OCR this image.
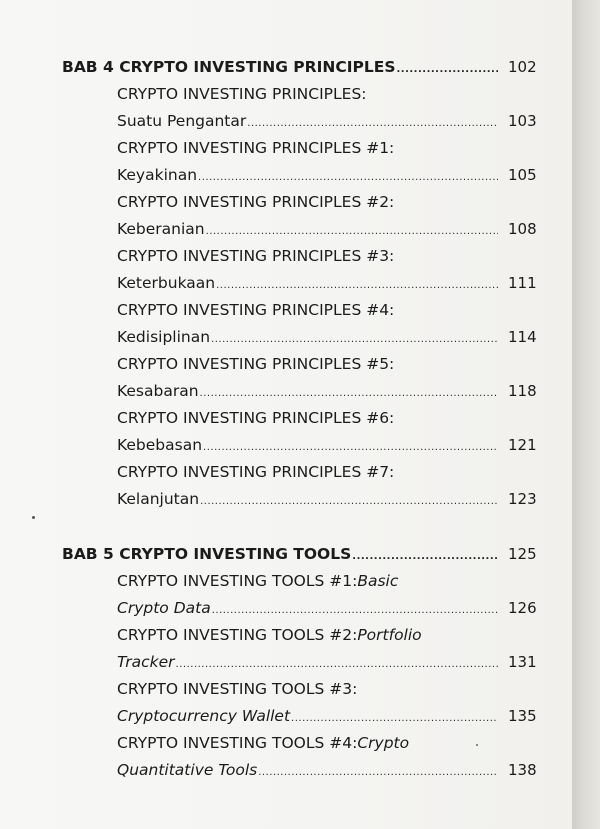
BAB 4 CRYPTO INVESTING PRINCIPLES .....	102
CRYPTO INVESTING PRINCIPLES:
Suatu Pengantar .....	103
CRYPTO INVESTING PRINCIPLES #1:
Keyakinan .....	105
CRYPTO INVESTING PRINCIPLES #2:
Keberanian .....	108
CRYPTO INVESTING PRINCIPLES #3:
Keterbukaan .....	111
CRYPTO INVESTING PRINCIPLES #4:
Kedisiplinan .....	114
CRYPTO INVESTING PRINCIPLES #5:
Kesabaran .....	118
CRYPTO INVESTING PRINCIPLES #6:
Kebebasan .....	121
CRYPTO INVESTING PRINCIPLES #7:
Kelanjutan .....	123
BAB 5 CRYPTO INVESTING TOOLS .....	125
CRYPTO INVESTING TOOLS #1: Basic
Crypto Data .....	126
CRYPTO INVESTING TOOLS #2: Portfolio
Tracker .....	131
CRYPTO INVESTING TOOLS #3:
Cryptocurrency Wallet .....	135
CRYPTO INVESTING TOOLS #4: Crypto
Quantitative Tools .....	138
